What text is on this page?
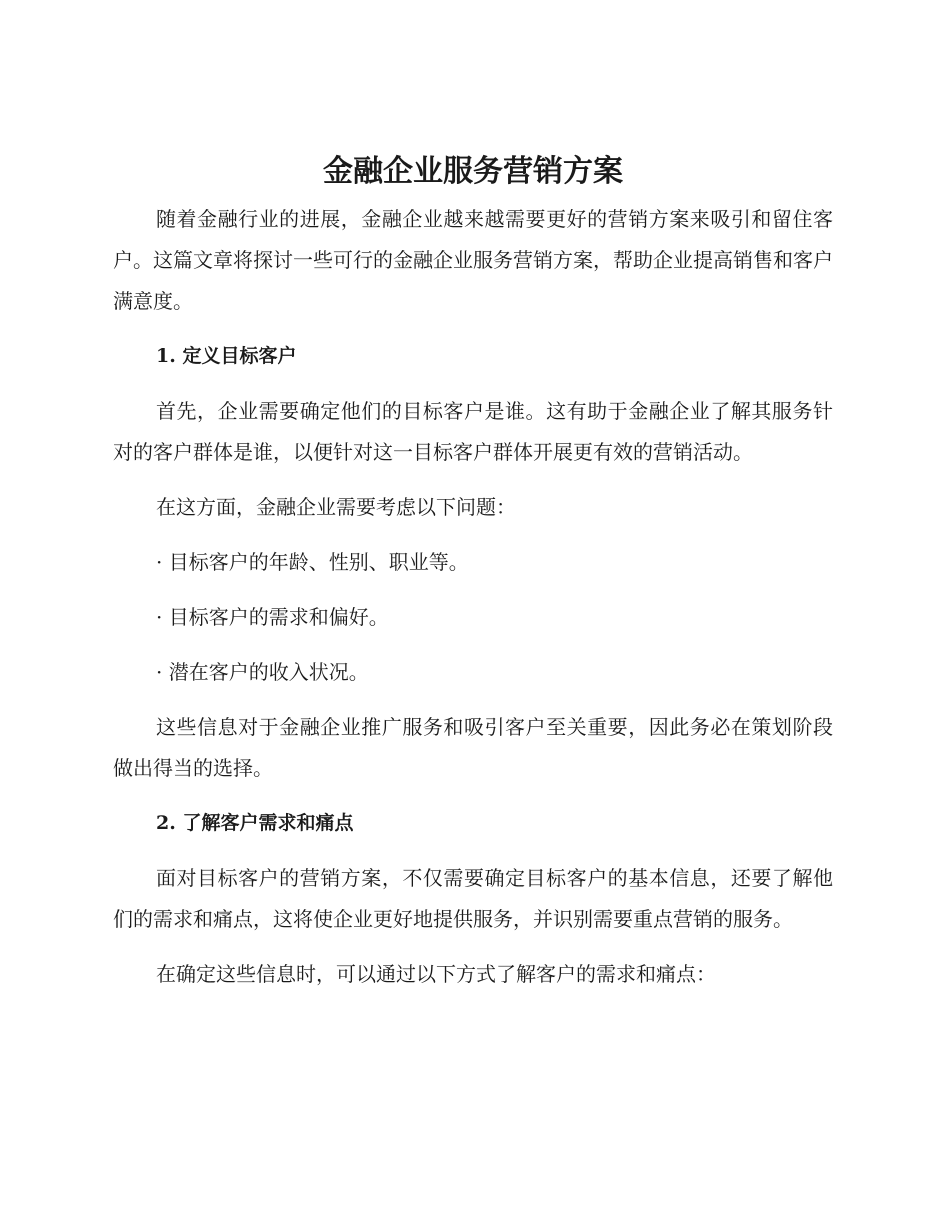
金融企业服务营销方案

随着金融行业的进展，金融企业越来越需要更好的营销方案来吸引和留住客户。这篇文章将探讨一些可行的金融企业服务营销方案，帮助企业提高销售和客户满意度。

1. 定义目标客户

首先，企业需要确定他们的目标客户是谁。这有助于金融企业了解其服务针对的客户群体是谁，以便针对这一目标客户群体开展更有效的营销活动。

在这方面，金融企业需要考虑以下问题：

· 目标客户的年龄、性别、职业等。

· 目标客户的需求和偏好。

· 潜在客户的收入状况。

这些信息对于金融企业推广服务和吸引客户至关重要，因此务必在策划阶段做出得当的选择。

2. 了解客户需求和痛点

面对目标客户的营销方案，不仅需要确定目标客户的基本信息，还要了解他们的需求和痛点，这将使企业更好地提供服务，并识别需要重点营销的服务。

在确定这些信息时，可以通过以下方式了解客户的需求和痛点：
